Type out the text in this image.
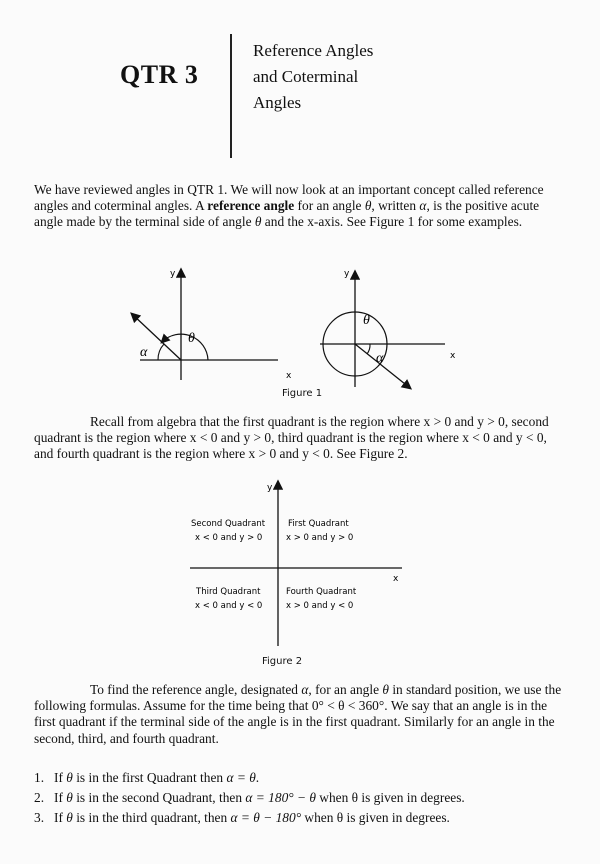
QTR 3
Reference Angles
and Coterminal
Angles

We have reviewed angles in QTR 1. We will now look at an important concept called reference angles and coterminal angles. A reference angle for an angle θ, written α, is the positive acute angle made by the terminal side of angle θ and the x-axis. See Figure 1 for some examples.

y
x
θ
α
y
x
θ
α
Figure 1

Recall from algebra that the first quadrant is the region where x > 0 and y > 0, second quadrant is the region where x < 0 and y > 0, third quadrant is the region where x < 0 and y < 0, and fourth quadrant is the region where x > 0 and y < 0. See Figure 2.

y
x
Second Quadrant
x < 0 and y > 0
First Quadrant
x > 0 and y > 0
Third Quadrant
x < 0 and y < 0
Fourth Quadrant
x > 0 and y < 0
Figure 2

To find the reference angle, designated α, for an angle θ in standard position, we use the following formulas. Assume for the time being that 0° < θ < 360°. We say that an angle is in the first quadrant if the terminal side of the angle is in the first quadrant. Similarly for an angle in the second, third, and fourth quadrant.

1. If θ is in the first Quadrant then α = θ.
2. If θ is in the second Quadrant, then α = 180° − θ when θ is given in degrees.
3. If θ is in the third quadrant, then α = θ − 180° when θ is given in degrees.
